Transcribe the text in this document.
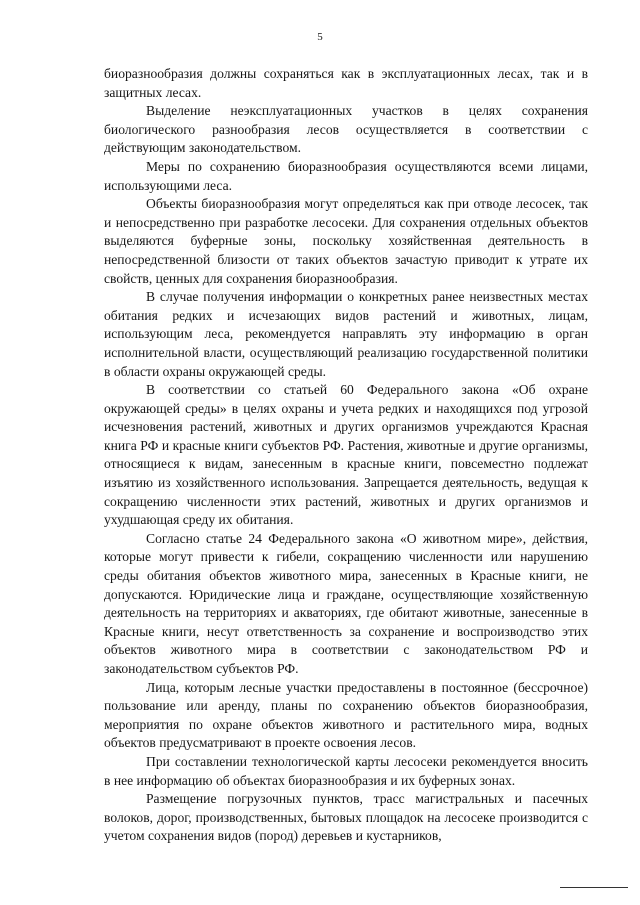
5

биоразнообразия должны сохраняться как в эксплуатационных лесах, так и в защитных лесах.

Выделение неэксплуатационных участков в целях сохранения биологического разнообразия лесов осуществляется в соответствии с действующим законодательством.

Меры по сохранению биоразнообразия осуществляются всеми лицами, использующими леса.

Объекты биоразнообразия могут определяться как при отводе лесосек, так и непосредственно при разработке лесосеки. Для сохранения отдельных объектов выделяются буферные зоны, поскольку хозяйственная деятельность в непосредственной близости от таких объектов зачастую приводит к утрате их свойств, ценных для сохранения биоразнообразия.

В случае получения информации о конкретных ранее неизвестных местах обитания редких и исчезающих видов растений и животных, лицам, использующим леса, рекомендуется направлять эту информацию в орган исполнительной власти, осуществляющий реализацию государственной политики в области охраны окружающей среды.

В соответствии со статьей 60 Федерального закона «Об охране окружающей среды» в целях охраны и учета редких и находящихся под угрозой исчезновения растений, животных и других организмов учреждаются Красная книга РФ и красные книги субъектов РФ. Растения, животные и другие организмы, относящиеся к видам, занесенным в красные книги, повсеместно подлежат изъятию из хозяйственного использования. Запрещается деятельность, ведущая к сокращению численности этих растений, животных и других организмов и ухудшающая среду их обитания.

Согласно статье 24 Федерального закона «О животном мире», действия, которые могут привести к гибели, сокращению численности или нарушению среды обитания объектов животного мира, занесенных в Красные книги, не допускаются. Юридические лица и граждане, осуществляющие хозяйственную деятельность на территориях и акваториях, где обитают животные, занесенные в Красные книги, несут ответственность за сохранение и воспроизводство этих объектов животного мира в соответствии с законодательством РФ и законодательством субъектов РФ.

Лица, которым лесные участки предоставлены в постоянное (бессрочное) пользование или аренду, планы по сохранению объектов биоразнообразия, мероприятия по охране объектов животного и растительного мира, водных объектов предусматривают в проекте освоения лесов.

При составлении технологической карты лесосеки рекомендуется вносить в нее информацию об объектах биоразнообразия и их буферных зонах.

Размещение погрузочных пунктов, трасс магистральных и пасечных волоков, дорог, производственных, бытовых площадок на лесосеке производится с учетом сохранения видов (пород) деревьев и кустарников,
